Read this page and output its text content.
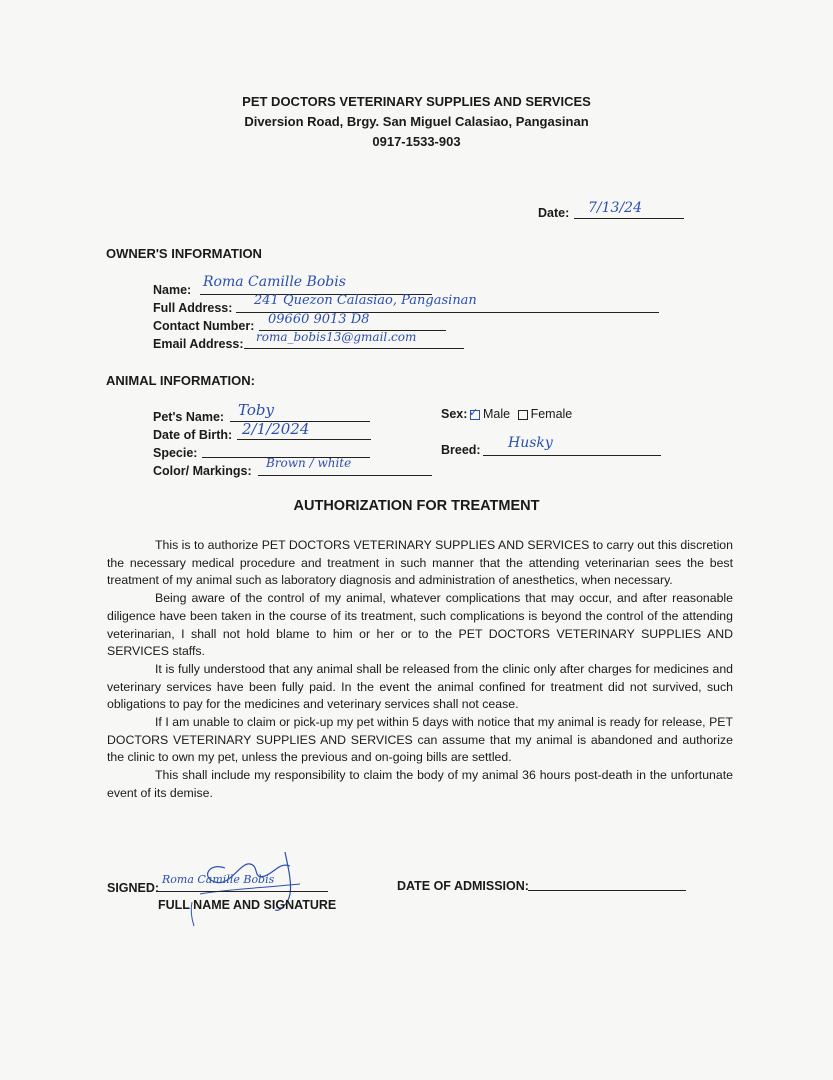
PET DOCTORS VETERINARY SUPPLIES AND SERVICES
Diversion Road, Brgy. San Miguel Calasiao, Pangasinan
0917-1533-903
Date: 7/13/24
OWNER'S INFORMATION
Name: Roma Camille Bobis
Full Address: 241 Quezon Calasiao, Pangasinan
Contact Number: 09660 9013 D8
Email Address: roma_bobis13@gmail.com
ANIMAL INFORMATION:
Pet's Name: Toby
Date of Birth: 2/1/2024
Specie:
Color/ Markings:
Brown / white
Sex: ✓ Male Female
Breed: Husky
AUTHORIZATION FOR TREATMENT

This is to authorize PET DOCTORS VETERINARY SUPPLIES AND SERVICES to carry out this discretion the necessary medical procedure and treatment in such manner that the attending veterinarian sees the best treatment of my animal such as laboratory diagnosis and administration of anesthetics, when necessary.

Being aware of the control of my animal, whatever complications that may occur, and after reasonable diligence have been taken in the course of its treatment, such complications is beyond the control of the attending veterinarian, I shall not hold blame to him or her or to the PET DOCTORS VETERINARY SUPPLIES AND SERVICES staffs.

It is fully understood that any animal shall be released from the clinic only after charges for medicines and veterinary services have been fully paid. In the event the animal confined for treatment did not survived, such obligations to pay for the medicines and veterinary services shall not cease.

If I am unable to claim or pick-up my pet within 5 days with notice that my animal is ready for release, PET DOCTORS VETERINARY SUPPLIES AND SERVICES can assume that my animal is abandoned and authorize the clinic to own my pet, unless the previous and on-going bills are settled.

This shall include my responsibility to claim the body of my animal 36 hours post-death in the unfortunate event of its demise.

SIGNED:
Roma Camille Bobis
FULL NAME AND SIGNATURE
DATE OF ADMISSION:
